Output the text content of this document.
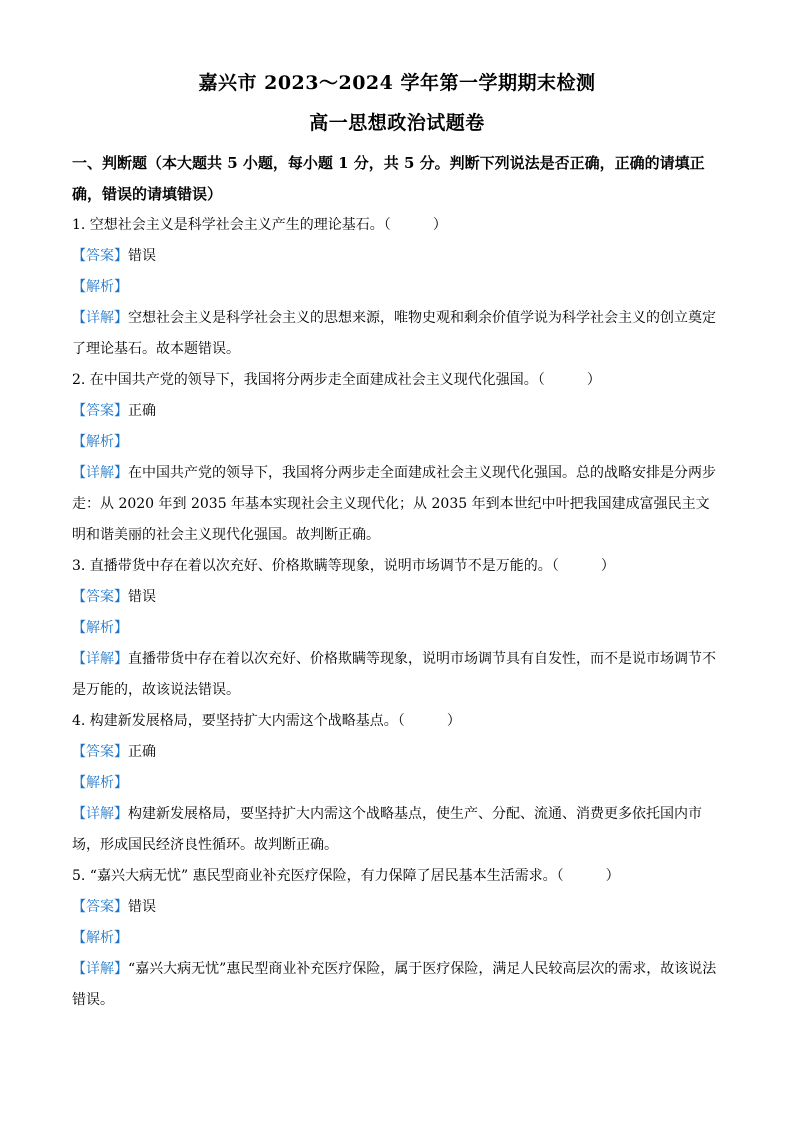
嘉兴市 2023～2024 学年第一学期期末检测
高一思想政治试题卷
一、判断题（本大题共 5 小题，每小题 1 分，共 5 分。判断下列说法是否正确，正确的请填正确，错误的请填错误）

1. 空想社会主义是科学社会主义产生的理论基石。（	）

【答案】错误

【解析】

【详解】空想社会主义是科学社会主义的思想来源，唯物史观和剩余价值学说为科学社会主义的创立奠定了理论基石。故本题错误。

2. 在中国共产党的领导下，我国将分两步走全面建成社会主义现代化强国。（	）

【答案】正确

【解析】

【详解】在中国共产党的领导下，我国将分两步走全面建成社会主义现代化强国。总的战略安排是分两步走：从 2020 年到 2035 年基本实现社会主义现代化；从 2035 年到本世纪中叶把我国建成富强民主文明和谐美丽的社会主义现代化强国。故判断正确。

3. 直播带货中存在着以次充好、价格欺瞒等现象，说明市场调节不是万能的。（	）

【答案】错误

【解析】

【详解】直播带货中存在着以次充好、价格欺瞒等现象，说明市场调节具有自发性，而不是说市场调节不是万能的，故该说法错误。

4. 构建新发展格局，要坚持扩大内需这个战略基点。（	）

【答案】正确

【解析】

【详解】构建新发展格局，要坚持扩大内需这个战略基点，使生产、分配、流通、消费更多依托国内市场，形成国民经济良性循环。故判断正确。

5. “嘉兴大病无忧” 惠民型商业补充医疗保险，有力保障了居民基本生活需求。（	）

【答案】错误

【解析】

【详解】“嘉兴大病无忧”惠民型商业补充医疗保险，属于医疗保险，满足人民较高层次的需求，故该说法错误。
